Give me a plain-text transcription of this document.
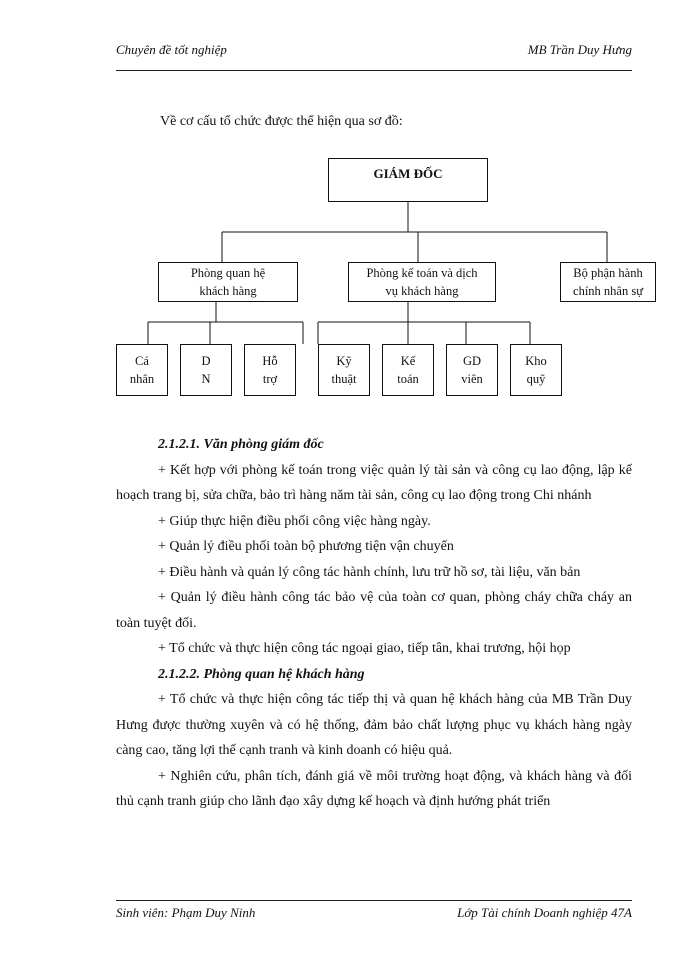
Chuyên đề tốt nghiệp	MB Trần Duy Hưng
Về cơ cấu tổ chức được thể hiện qua sơ đồ:
GIÁM ĐỐC
Phòng quan hệ
khách hàng
Phòng kế toán và dịch
vụ khách hàng
Bộ phận hành
chính nhân sự
Cá
nhân
D
N
Hỗ
trợ
Kỹ
thuật
Kế
toán
GD
viên
Kho
quỹ

2.1.2.1. Văn phòng giám đốc

+ Kết hợp với phòng kế toán trong việc quản lý tài sản và công cụ lao động, lập kế hoạch trang bị, sửa chữa, bảo trì hàng năm tài sản, công cụ lao động trong Chi nhánh

+ Giúp thực hiện điều phối công việc hàng ngày.

+ Quản lý điều phối toàn bộ phương tiện vận chuyển

+ Điều hành và quản lý công tác hành chính, lưu trữ hồ sơ, tài liệu, văn bản

+ Quản lý điều hành công tác bảo vệ của toàn cơ quan, phòng cháy chữa cháy an toàn tuyệt đối.

+ Tổ chức và thực hiện công tác ngoại giao, tiếp tân, khai trương, hội họp

2.1.2.2. Phòng quan hệ khách hàng

+ Tổ chức và thực hiện công tác tiếp thị và quan hệ khách hàng của MB Trần Duy Hưng được thường xuyên và có hệ thống, đảm bảo chất lượng phục vụ khách hàng ngày càng cao, tăng lợi thế cạnh tranh và kinh doanh có hiệu quả.

+ Nghiên cứu, phân tích, đánh giá về môi trường hoạt động, và khách hàng và đối thủ cạnh tranh giúp cho lãnh đạo xây dựng kế hoạch và định hướng phát triển

Sinh viên: Phạm Duy Ninh	Lớp Tài chính Doanh nghiệp 47A
